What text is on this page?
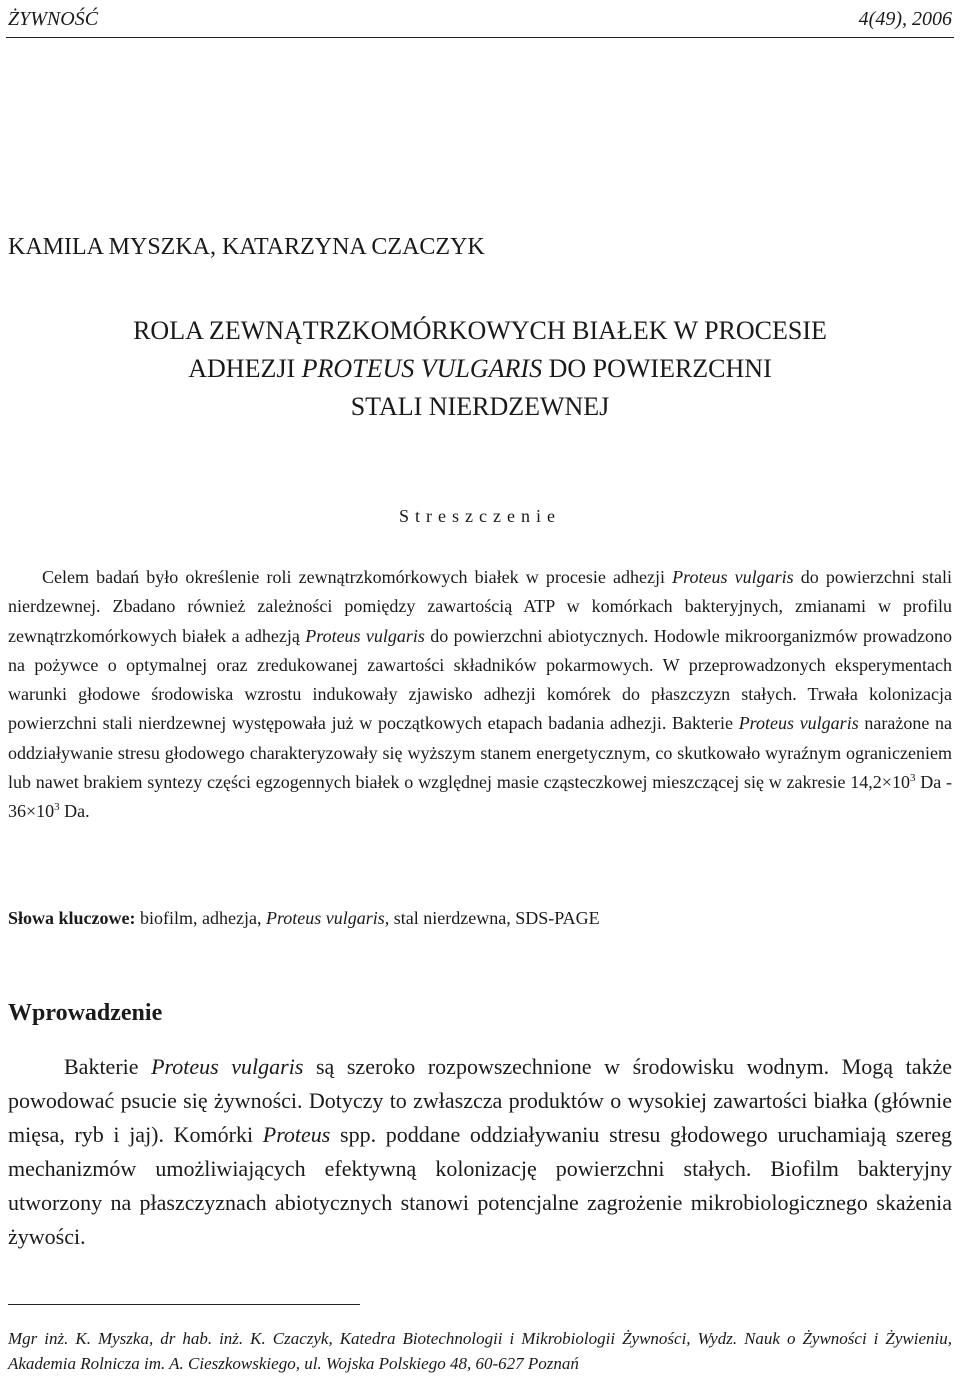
ŻYWNOŚĆ	4(49), 2006
KAMILA MYSZKA, KATARZYNA CZACZYK
ROLA ZEWNĄTRZKOMÓRKOWYCH BIAŁEK W PROCESIE
ADHEZJI PROTEUS VULGARIS DO POWIERZCHNI
STALI NIERDZEWNEJ
Streszczenie

Celem badań było określenie roli zewnątrzkomórkowych białek w procesie adhezji Proteus vulgaris do powierzchni stali nierdzewnej. Zbadano również zależności pomiędzy zawartością ATP w komórkach bakteryjnych, zmianami w profilu zewnątrzkomórkowych białek a adhezją Proteus vulgaris do powierzchni abiotycznych. Hodowle mikroorganizmów prowadzono na pożywce o optymalnej oraz zredukowanej zawartości składników pokarmowych. W przeprowadzonych eksperymentach warunki głodowe środowiska wzrostu indukowały zjawisko adhezji komórek do płaszczyzn stałych. Trwała kolonizacja powierzchni stali nierdzewnej występowała już w początkowych etapach badania adhezji. Bakterie Proteus vulgaris narażone na oddziaływanie stresu głodowego charakteryzowały się wyższym stanem energetycznym, co skutkowało wyraźnym ograniczeniem lub nawet brakiem syntezy części egzogennych białek o względnej masie cząsteczkowej mieszczącej się w zakresie $14,2\times 10^3$ $Da - 36\times 10^3$ Da.

Słowa kluczowe: biofilm, adhezja, Proteus vulgaris, stal nierdzewna, SDS-PAGE
Wprowadzenie

Bakterie Proteus vulgaris są szeroko rozpowszechnione w środowisku wodnym. Mogą także powodować psucie się żywności. Dotyczy to zwłaszcza produktów o wysokiej zawartości białka (głównie mięsa, ryb i jaj). Komórki Proteus spp. poddane oddziaływaniu stresu głodowego uruchamiają szereg mechanizmów umożliwiających efektywną kolonizację powierzchni stałych. Biofilm bakteryjny utworzony na płaszczyznach abiotycznych stanowi potencjalne zagrożenie mikrobiologicznego skażenia żywości.

Mgr inż. K. Myszka, dr hab. inż. K. Czaczyk, Katedra Biotechnologii i Mikrobiologii Żywności, Wydz. Nauk o Żywności i Żywieniu, Akademia Rolnicza im. A. Cieszkowskiego, ul. Wojska Polskiego 48, 60-627 Poznań
